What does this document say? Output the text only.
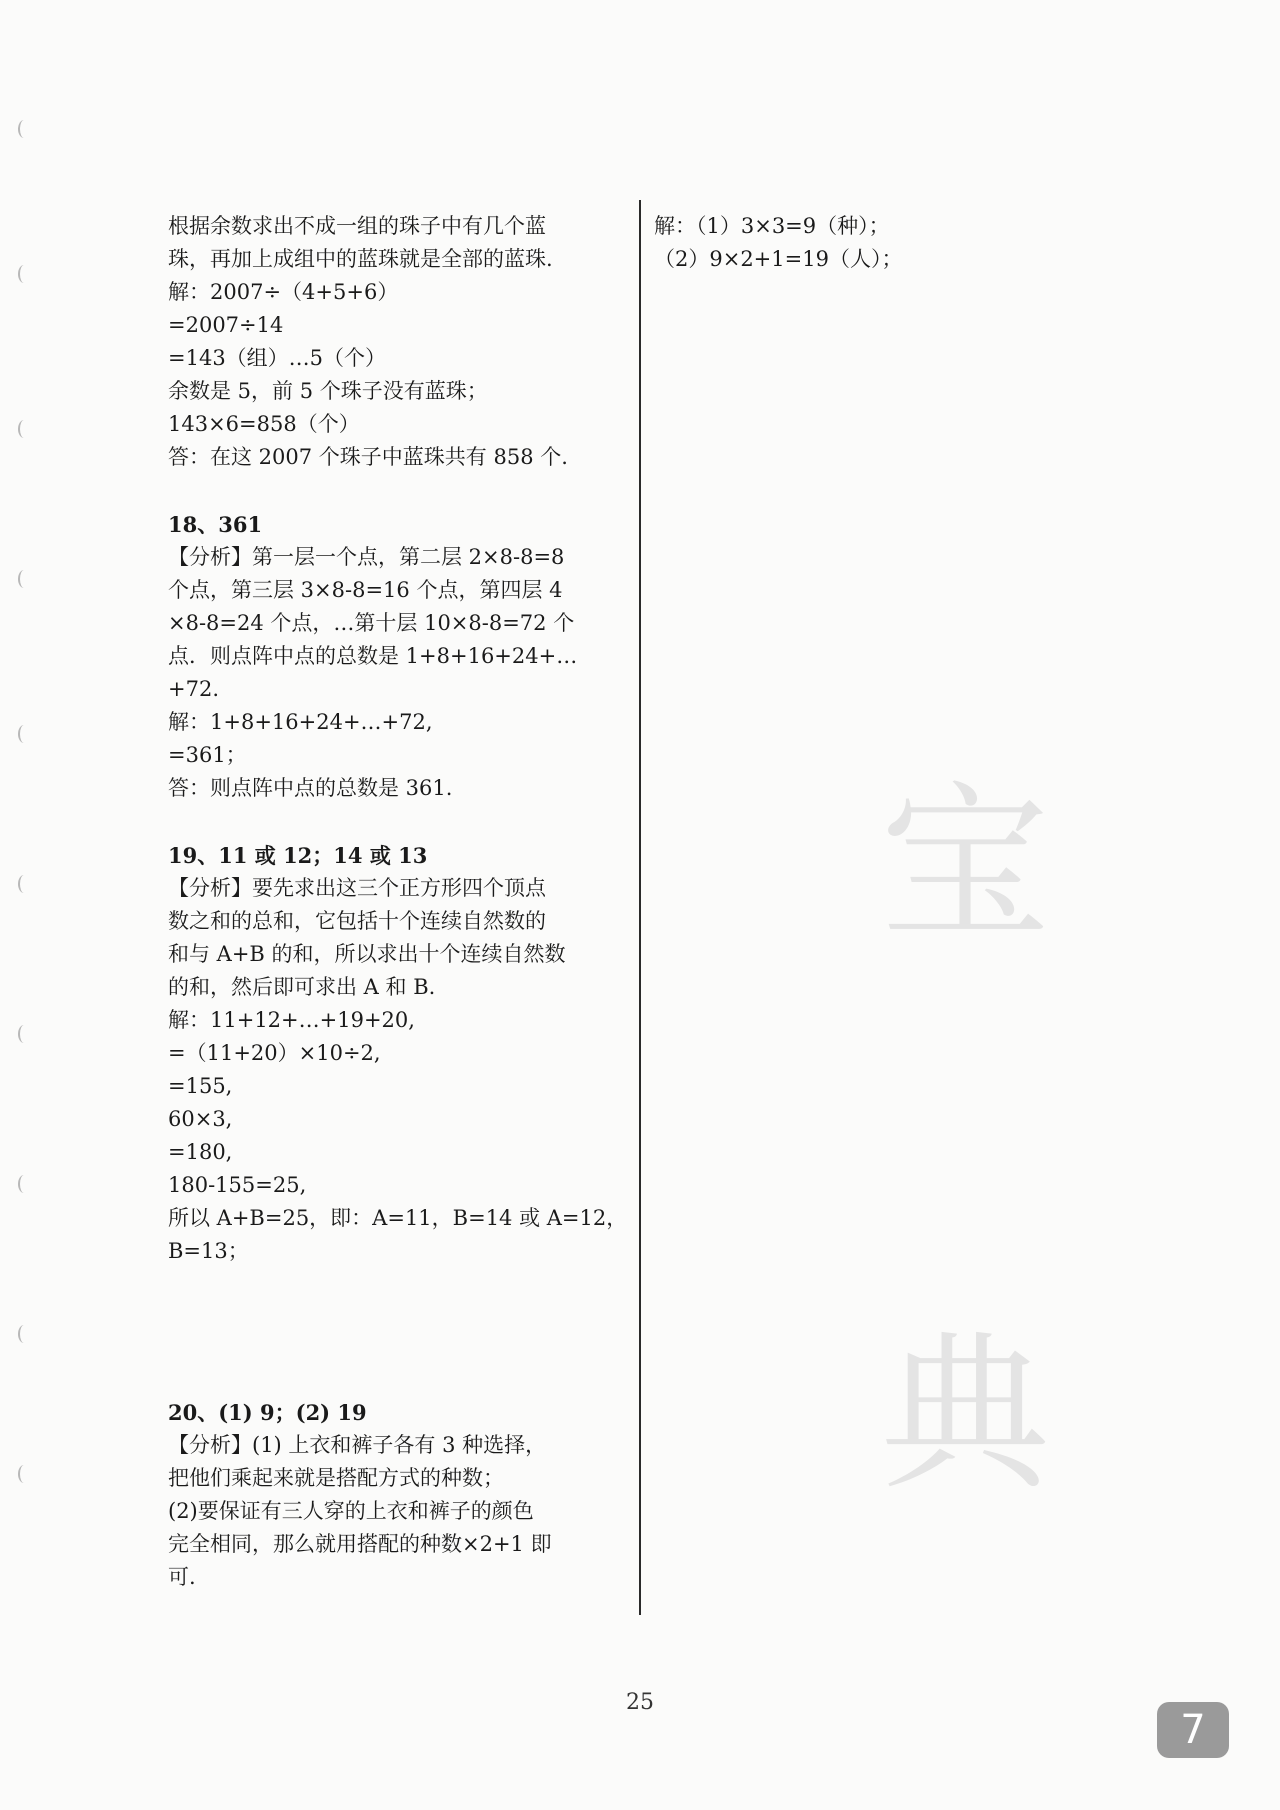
宝
典
根据余数求出不成一组的珠子中有几个蓝
珠，再加上成组中的蓝珠就是全部的蓝珠.
解：2007÷（4+5+6）
=2007÷14
=143（组）…5（个）
余数是 5，前 5 个珠子没有蓝珠；
143×6=858（个）
答：在这 2007 个珠子中蓝珠共有 858 个.
18、361
【分析】第一层一个点，第二层 2×8-8=8
个点，第三层 3×8-8=16 个点，第四层 4
×8-8=24 个点，…第十层 10×8-8=72 个
点．则点阵中点的总数是 1+8+16+24+…
+72.
解：1+8+16+24+…+72,
=361；
答：则点阵中点的总数是 361.
19、11 或 12；14 或 13
【分析】要先求出这三个正方形四个顶点
数之和的总和，它包括十个连续自然数的
和与 A+B 的和，所以求出十个连续自然数
的和，然后即可求出 A 和 B.
解：11+12+…+19+20,
=（11+20）×10÷2,
=155,
60×3,
=180,
180-155=25,
所以 A+B=25，即：A=11，B=14 或 A=12，
B=13；
20、(1) 9；(2) 19
【分析】(1) 上衣和裤子各有 3 种选择，
把他们乘起来就是搭配方式的种数；
(2)要保证有三人穿的上衣和裤子的颜色
完全相同，那么就用搭配的种数×2+1 即
可.
解：（1）3×3=9（种）；
（2）9×2+1=19（人）；
25
7
